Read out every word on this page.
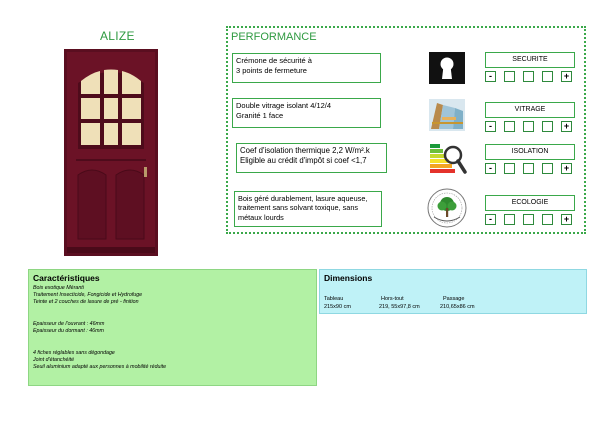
ALIZE	PERFORMANCE
Crémone de sécurité à
3 points de fermeture
Double vitrage isolant 4/12/4
Granité 1 face
Coef d'isolation thermique 2,2 W/m².k
Eligible au crédit d'impôt si coef <1,7
Bois géré durablement, lasure aqueuse,
traitement sans solvant toxique, sans
métaux lourds
SECURITE
-	+
VITRAGE
-	+
ISOLATION
-	+
ECOLOGIE
-	+
Caractéristiques
Bois exotique Méranti
Traitement Insecticide, Fongicide et Hydrofuge
Teinte et 2 couches de lasure de pré - finition
Epaisseur de l'ouvrant : 46mm
Epaisseur du dormant : 46mm
4 fiches réglables sans dégondage
Joint d'étanchéité
Seuil aluminium adapté aux personnes à mobilité réduite
Dimensions
Tableau
215x90 cm
Hors-tout
219, 55x97,8 cm
Passage
210,65x86 cm
